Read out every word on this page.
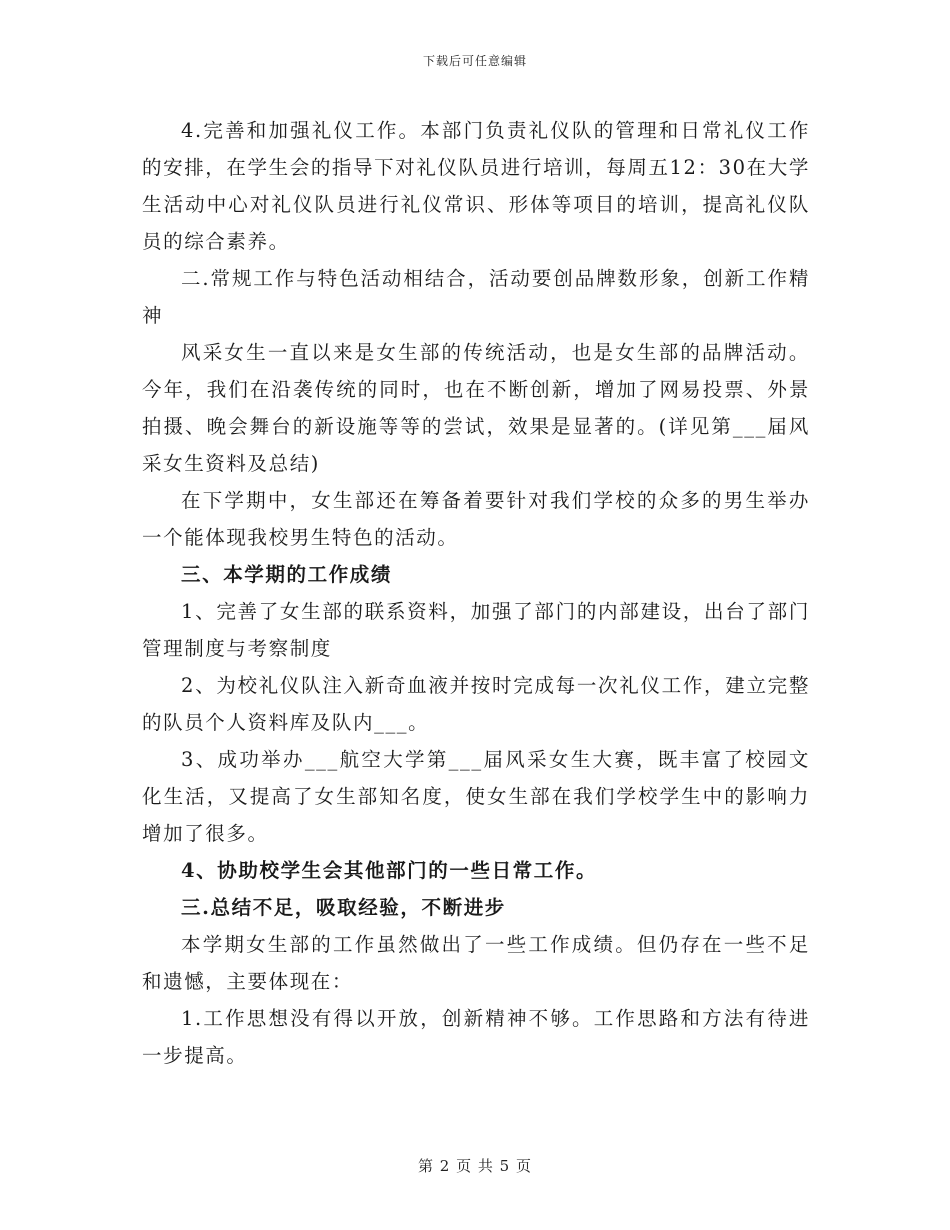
下载后可任意编辑

4.完善和加强礼仪工作。本部门负责礼仪队的管理和日常礼仪工作的安排，在学生会的指导下对礼仪队员进行培训，每周五12：30在大学生活动中心对礼仪队员进行礼仪常识、形体等项目的培训，提高礼仪队员的综合素养。

二.常规工作与特色活动相结合，活动要创品牌数形象，创新工作精神

风采女生一直以来是女生部的传统活动，也是女生部的品牌活动。今年，我们在沿袭传统的同时，也在不断创新，增加了网易投票、外景拍摄、晚会舞台的新设施等等的尝试，效果是显著的。(详见第___届风采女生资料及总结)

在下学期中，女生部还在筹备着要针对我们学校的众多的男生举办一个能体现我校男生特色的活动。

三、本学期的工作成绩

1、完善了女生部的联系资料，加强了部门的内部建设，出台了部门管理制度与考察制度

2、为校礼仪队注入新奇血液并按时完成每一次礼仪工作，建立完整的队员个人资料库及队内___。

3、成功举办___航空大学第___届风采女生大赛，既丰富了校园文化生活，又提高了女生部知名度，使女生部在我们学校学生中的影响力增加了很多。

4、协助校学生会其他部门的一些日常工作。

三.总结不足，吸取经验，不断进步

本学期女生部的工作虽然做出了一些工作成绩。但仍存在一些不足和遗憾，主要体现在：

1.工作思想没有得以开放，创新精神不够。工作思路和方法有待进一步提高。

第 2 页 共 5 页
